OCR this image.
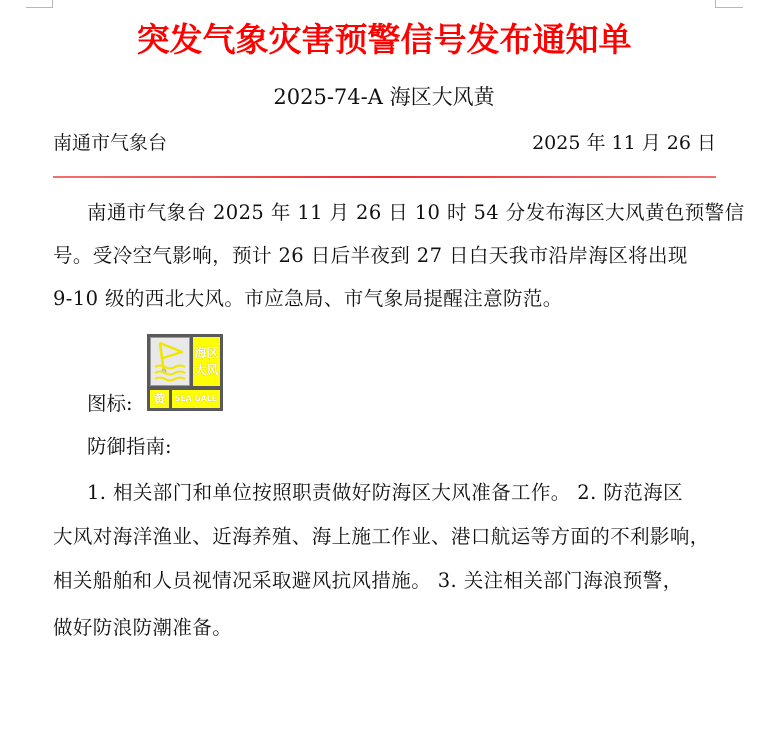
突发气象灾害预警信号发布通知单
2025-74-A 海区大风黄
南通市气象台	2025 年 11 月 26 日
南通市气象台 2025 年 11 月 26 日 10 时 54 分发布海区大风黄色预警信
号。受冷空气影响，预计 26 日后半夜到 27 日白天我市沿岸海区将出现
9-10 级的西北大风。市应急局、市气象局提醒注意防范。
图标:
海区
大风
黄	SEA GALE
防御指南:
1. 相关部门和单位按照职责做好防海区大风准备工作。 2. 防范海区
大风对海洋渔业、近海养殖、海上施工作业、港口航运等方面的不利影响，
相关船舶和人员视情况采取避风抗风措施。 3. 关注相关部门海浪预警，
做好防浪防潮准备。
